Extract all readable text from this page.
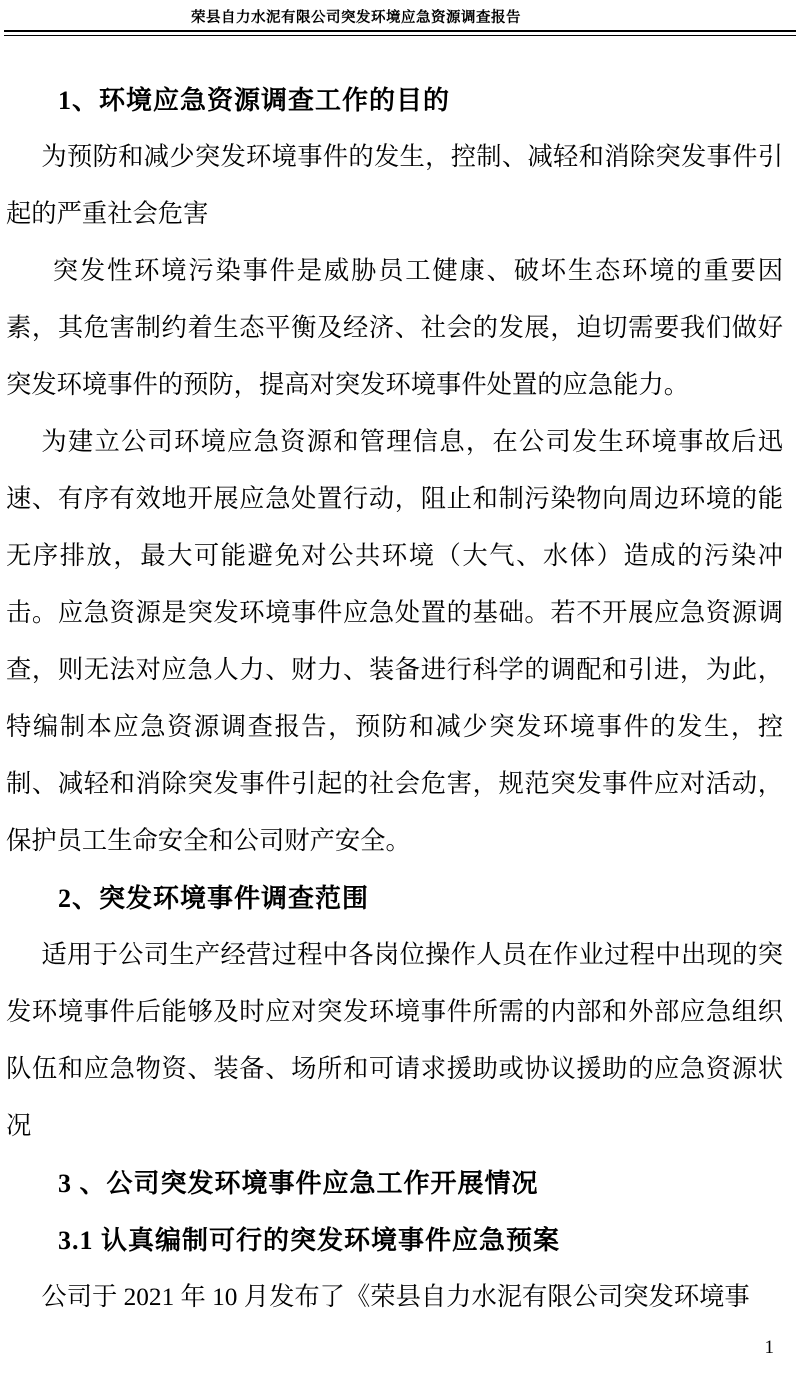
荣县自力水泥有限公司突发环境应急资源调查报告
1、环境应急资源调查工作的目的

为预防和减少突发环境事件的发生，控制、减轻和消除突发事件引起的严重社会危害

突发性环境污染事件是威胁员工健康、破坏生态环境的重要因素，其危害制约着生态平衡及经济、社会的发展，迫切需要我们做好突发环境事件的预防，提高对突发环境事件处置的应急能力。

为建立公司环境应急资源和管理信息，在公司发生环境事故后迅速、有序有效地开展应急处置行动，阻止和制污染物向周边环境的能无序排放，最大可能避免对公共环境（大气、水体）造成的污染冲击。应急资源是突发环境事件应急处置的基础。若不开展应急资源调查，则无法对应急人力、财力、装备进行科学的调配和引进，为此，特编制本应急资源调查报告，预防和减少突发环境事件的发生，控制、减轻和消除突发事件引起的社会危害，规范突发事件应对活动，保护员工生命安全和公司财产安全。

2、突发环境事件调查范围

适用于公司生产经营过程中各岗位操作人员在作业过程中出现的突发环境事件后能够及时应对突发环境事件所需的内部和外部应急组织队伍和应急物资、装备、场所和可请求援助或协议援助的应急资源状况

3 、公司突发环境事件应急工作开展情况
3.1 认真编制可行的突发环境事件应急预案

公司于 2021 年 10 月发布了《荣县自力水泥有限公司突发环境事

1
